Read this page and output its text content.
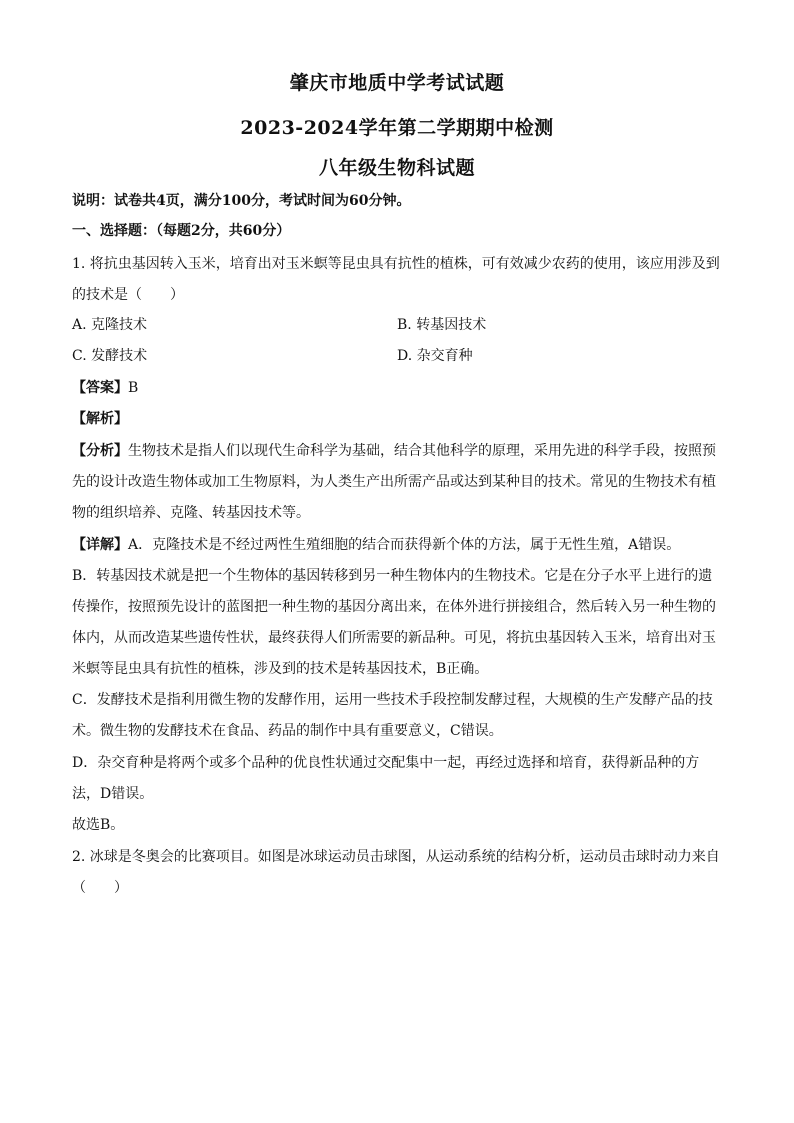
肇庆市地质中学考试试题
2023-2024学年第二学期期中检测
八年级生物科试题
说明：试卷共4页，满分100分，考试时间为60分钟。
一、选择题：（每题2分，共60分）
1. 将抗虫基因转入玉米，培育出对玉米螟等昆虫具有抗性的植株，可有效减少农药的使用，该应用涉及到
的技术是（　　）
A. 克隆技术	B. 转基因技术
C. 发酵技术	D. 杂交育种
【答案】B
【解析】
【分析】生物技术是指人们以现代生命科学为基础，结合其他科学的原理，采用先进的科学手段，按照预
先的设计改造生物体或加工生物原料，为人类生产出所需产品或达到某种目的技术。常见的生物技术有植
物的组织培养、克隆、转基因技术等。
【详解】A．克隆技术是不经过两性生殖细胞的结合而获得新个体的方法，属于无性生殖，A错误。
B．转基因技术就是把一个生物体的基因转移到另一种生物体内的生物技术。它是在分子水平上进行的遗
传操作，按照预先设计的蓝图把一种生物的基因分离出来，在体外进行拼接组合，然后转入另一种生物的
体内，从而改造某些遗传性状，最终获得人们所需要的新品种。可见，将抗虫基因转入玉米，培育出对玉
米螟等昆虫具有抗性的植株，涉及到的技术是转基因技术，B正确。
C．发酵技术是指利用微生物的发酵作用，运用一些技术手段控制发酵过程，大规模的生产发酵产品的技
术。微生物的发酵技术在食品、药品的制作中具有重要意义，C错误。
D．杂交育种是将两个或多个品种的优良性状通过交配集中一起，再经过选择和培育，获得新品种的方
法，D错误。
故选B。
2. 冰球是冬奥会的比赛项目。如图是冰球运动员击球图，从运动系统的结构分析，运动员击球时动力来自
（　　）
